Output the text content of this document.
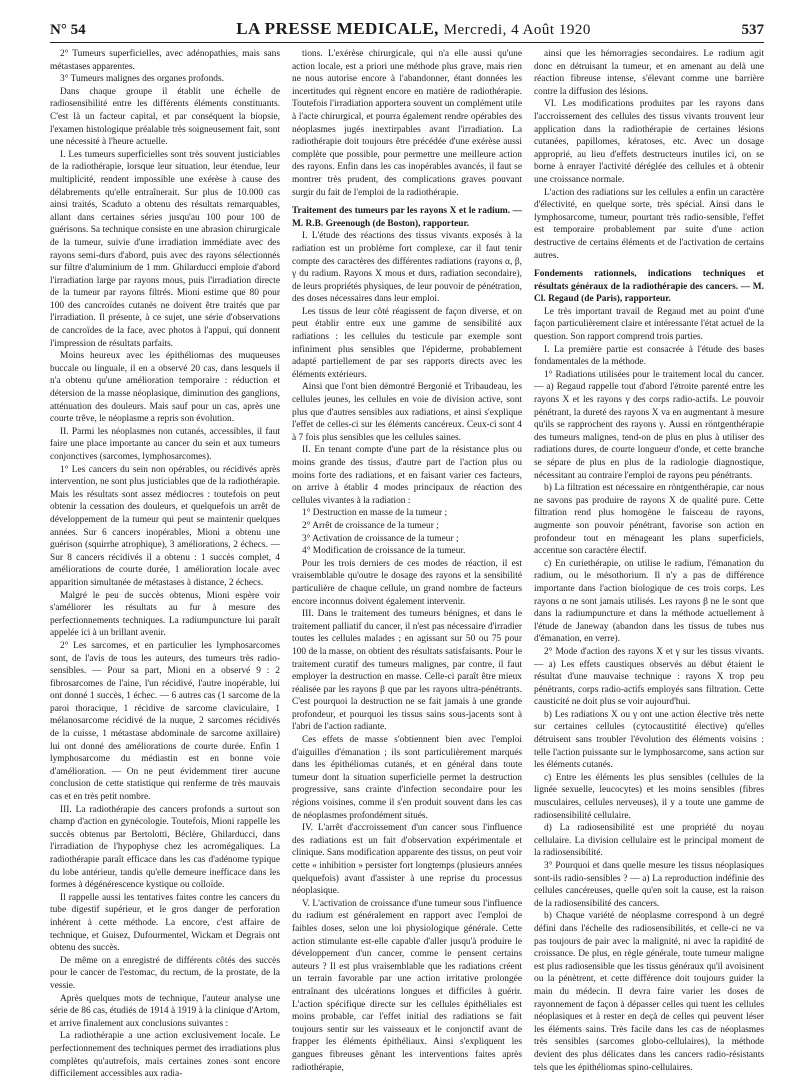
N° 54	LA PRESSE MEDICALE, Mercredi, 4 Août 1920	537

2° Tumeurs superficielles, avec adénopathies, mais sans métastases apparentes.

3° Tumeurs malignes des organes profonds.

Dans chaque groupe il établit une échelle de radiosensibilité entre les différents éléments constituants. C'est là un facteur capital, et par conséquent la biopsie, l'examen histologique préalable très soigneusement fait, sont une nécessité à l'heure actuelle.

I. Les tumeurs superficielles sont très souvent justiciables de la radiothérapie, lorsque leur situation, leur étendue, leur multiplicité, rendent impossible une exérèse à cause des délabrements qu'elle entraînerait. Sur plus de 10.000 cas ainsi traités, Scaduto a obtenu des résultats remarquables, allant dans certaines séries jusqu'au 100 pour 100 de guérisons. Sa technique consiste en une abrasion chirurgicale de la tumeur, suivie d'une irradiation immédiate avec des rayons semi-durs d'abord, puis avec des rayons sélectionnés sur filtre d'aluminium de 1 mm. Ghilarducci emploie d'abord l'irradiation large par rayons mous, puis l'irradiation directe de la tumeur par rayons filtrés. Mioni estime que 80 pour 100 des cancroïdes cutanés ne doivent être traités que par l'irradiation. Il présente, à ce sujet, une série d'observations de cancroïdes de la face, avec photos à l'appui, qui donnent l'impression de résultats parfaits.

Moins heureux avec les épithéliomas des muqueuses buccale ou linguale, il en a observé 20 cas, dans lesquels il n'a obtenu qu'une amélioration temporaire : réduction et détersion de la masse néoplasique, diminution des ganglions, atténuation des douleurs. Mais sauf pour un cas, après une courte trêve, le néoplasme a repris son évolution.

II. Parmi les néoplasmes non cutanés, accessibles, il faut faire une place importante au cancer du sein et aux tumeurs conjonctives (sarcomes, lymphosarcomes).

1° Les cancers du sein non opérables, ou récidivés après intervention, ne sont plus justiciables que de la radiothérapie. Mais les résultats sont assez médiocres : toutefois on peut obtenir la cessation des douleurs, et quelquefois un arrêt de développement de la tumeur qui peut se maintenir quelques années. Sur 6 cancers inopérables, Mioni a obtenu une guérison (squirrhe atrophique), 3 améliorations, 2 échecs. — Sur 8 cancers récidivés il a obtenu : 1 succès complet, 4 améliorations de courte durée, 1 amélioration locale avec apparition simultanée de métastases à distance, 2 échecs.

Malgré le peu de succès obtenus, Mioni espère voir s'améliorer les résultats au fur à mesure des perfectionnements techniques. La radiumpuncture lui paraît appelée ici à un brillant avenir.

2° Les sarcomes, et en particulier les lymphosarcomes sont, de l'avis de tous les auteurs, des tumeurs très radio-sensibles. — Pour sa part, Mioni en a observé 9 : 2 fibrosarcomes de l'aine, l'un récidivé, l'autre inopérable, lui ont donné 1 succès, 1 échec. — 6 autres cas (1 sarcome de la paroi thoracique, 1 récidive de sarcome claviculaire, 1 mélanosarcome récidivé de la nuque, 2 sarcomes récidivés de la cuisse, 1 métastase abdominale de sarcome axillaire) lui ont donné des améliorations de courte durée. Enfin 1 lymphosarcome du médiastin est en bonne voie d'amélioration. — On ne peut évidemment tirer aucune conclusion de cette statistique qui renferme de très mauvais cas et en très petit nombre.

III. La radiothérapie des cancers profonds a surtout son champ d'action en gynécologie. Toutefois, Mioni rappelle les succès obtenus par Bertolotti, Béclère, Ghilarducci, dans l'irradiation de l'hypophyse chez les acromégaliques. La radiothérapie paraît efficace dans les cas d'adénome typique du lobe antérieur, tandis qu'elle demeure inefficace dans les formes à dégénérescence kystique ou colloïde.

Il rappelle aussi les tentatives faites contre les cancers du tube digestif supérieur, et le gros danger de perforation inhérent à cette méthode. La encore, c'est affaire de technique, et Guisez, Dufourmentel, Wickam et Degrais ont obtenu des succès.

De même on a enregistré de différents côtés des succès pour le cancer de l'estomac, du rectum, de la prostate, de la vessie.

Après quelques mots de technique, l'auteur analyse une série de 86 cas, étudiés de 1914 à 1919 à la clinique d'Artom, et arrive finalement aux conclusions suivantes :

La radiothérapie a une action exclusivement locale. Le perfectionnement des techniques permet des irradiations plus complètes qu'autrefois, mais certaines zones sont encore difficilement accessibles aux radia-

tions. L'exérèse chirurgicale, qui n'a elle aussi qu'une action locale, est a priori une méthode plus grave, mais rien ne nous autorise encore à l'abandonner, étant données les incertitudes qui règnent encore en matière de radiothérapie. Toutefois l'irradiation apportera souvent un complément utile à l'acte chirurgical, et pourra également rendre opérables des néoplasmes jugés inextirpables avant l'irradiation. La radiothérapie doit toujours être précédée d'une exérèse aussi complète que possible, pour permettre une meilleure action des rayons. Enfin dans les cas inopérables avancés, il faut se montrer très prudent, des complications graves pouvant surgir du fait de l'emploi de la radiothérapie.

Traitement des tumeurs par les rayons X et le radium. — M. R.B. Greenough (de Boston), rapporteur.

I. L'étude des réactions des tissus vivants exposés à la radiation est un problème fort complexe, car il faut tenir compte des caractères des différentes radiations (rayons α, β, γ du radium. Rayons X mous et durs, radiation secondaire), de leurs propriétés physiques, de leur pouvoir de pénétration, des doses nécessaires dans leur emploi.

Les tissus de leur côté réagissent de façon diverse, et on peut établir entre eux une gamme de sensibilité aux radiations : les cellules du testicule par exemple sont infiniment plus sensibles que l'épiderme, probablement adapté partiellement de par ses rapports directs avec les éléments extérieurs.

Ainsi que l'ont bien démontré Bergonié et Tribaudeau, les cellules jeunes, les cellules en voie de division active, sont plus que d'autres sensibles aux radiations, et ainsi s'explique l'effet de celles-ci sur les éléments cancéreux. Ceux-ci sont 4 à 7 fois plus sensibles que les cellules saines.

II. En tenant compte d'une part de la résistance plus ou moins grande des tissus, d'autre part de l'action plus ou moins forte des radiations, et en faisant varier ces facteurs, on arrive à établir 4 modes principaux de réaction des cellules vivantes à la radiation :

1° Destruction en masse de la tumeur ;

2° Arrêt de croissance de la tumeur ;

3° Activation de croissance de la tumeur ;

4° Modification de croissance de la tumeur.

Pour les trois derniers de ces modes de réaction, il est vraisemblable qu'outre le dosage des rayons et la sensibilité particulière de chaque cellule, un grand nombre de facteurs encore inconnus doivent également intervenir.

III. Dans le traitement des tumeurs bénignes, et dans le traitement palliatif du cancer, il n'est pas nécessaire d'irradier toutes les cellules malades ; en agissant sur 50 ou 75 pour 100 de la masse, on obtient des résultats satisfaisants. Pour le traitement curatif des tumeurs malignes, par contre, il faut employer la destruction en masse. Celle-ci paraît être mieux réalisée par les rayons β que par les rayons ultra-pénétrants. C'est pourquoi la destruction ne se fait jamais à une grande profondeur, et pourquoi les tissus sains sous-jacents sont à l'abri de l'action radiante.

Ces effets de masse s'obtiennent bien avec l'emploi d'aiguilles d'émanation ; ils sont particulièrement marqués dans les épithéliomas cutanés, et en général dans toute tumeur dont la situation superficielle permet la destruction progressive, sans crainte d'infection secondaire pour les régions voisines, comme il s'en produit souvent dans les cas de néoplasmes profondément situés.

IV. L'arrêt d'accroissement d'un cancer sous l'influence des radiations est un fait d'observation expérimentale et clinique. Sans modification apparente des tissus, on peut voir cette « inhibition » persister fort longtemps (plusieurs années quelquefois) avant d'assister à une reprise du processus néoplasique.

V. L'activation de croissance d'une tumeur sous l'influence du radium est généralement en rapport avec l'emploi de faibles doses, selon une loi physiologique générale. Cette action stimulante est-elle capable d'aller jusqu'à produire le développement d'un cancer, comme le pensent certains auteurs ? Il est plus vraisemblable que les radiations créent un terrain favorable par une action irritative prolongée entraînant des ulcérations longues et difficiles à guérir. L'action spécifique directe sur les cellules épithéliales est moins probable, car l'effet initial des radiations se fait toujours sentir sur les vaisseaux et le conjonctif avant de frapper les éléments épithéliaux. Ainsi s'expliquent les gangues fibreuses gênant les interventions faites après radiothérapie,

ainsi que les hémorragies secondaires. Le radium agit donc en détruisant la tumeur, et en amenant au delà une réaction fibreuse intense, s'élevant comme une barrière contre la diffusion des lésions.

VI. Les modifications produites par les rayons dans l'accroissement des cellules des tissus vivants trouvent leur application dans la radiothérapie de certaines lésions cutanées, papillomes, kératoses, etc. Avec un dosage approprié, au lieu d'effets destructeurs inutiles ici, on se borne à enrayer l'activité déréglée des cellules et à obtenir une croissance normale.

L'action des radiations sur les cellules a enfin un caractère d'électivité, en quelque sorte, très spécial. Ainsi dans le lymphosarcome, tumeur, pourtant très radio-sensible, l'effet est temporaire probablement par suite d'une action destructive de certains éléments et de l'activation de certains autres.

Fondements rationnels, indications techniques et résultats généraux de la radiothérapie des cancers. — M. Cl. Regaud (de Paris), rapporteur.

Le très important travail de Regaud met au point d'une façon particulièrement claire et intéressante l'état actuel de la question. Son rapport comprend trois parties.

I. La première partie est consacrée à l'étude des bases fondamentales de la méthode.

1° Radiations utilisées pour le traitement local du cancer. — a) Regaud rappelle tout d'abord l'étroite parenté entre les rayons X et les rayons γ des corps radio-actifs. Le pouvoir pénétrant, la dureté des rayons X va en augmentant à mesure qu'ils se rapprochent des rayons γ. Aussi en röntgenthérapie des tumeurs malignes, tend-on de plus en plus à utiliser des radiations dures, de courte longueur d'onde, et cette branche se sépare de plus en plus de la radiologie diagnostique, nécessitant au contraire l'emploi de rayons peu pénétrants.

b) La filtration est nécessaire en röntgenthérapie, car nous ne savons pas produire de rayons X de qualité pure. Cette filtration rend plus homogène le faisceau de rayons, augmente son pouvoir pénétrant, favorise son action en profondeur tout en ménageant les plans superficiels, accentue son caractère électif.

c) En curiethérapie, on utilise le radium, l'émanation du radium, ou le mésothorium. Il n'y a pas de différence importante dans l'action biologique de ces trois corps. Les rayons α ne sont jamais utilisés. Les rayons β ne le sont que dans la radiumpuncture et dans la méthode actuellement à l'étude de Janeway (abandon dans les tissus de tubes nus d'émanation, en verre).

2° Mode d'action des rayons X et γ sur les tissus vivants. — a) Les effets caustiques observés au début étaient le résultat d'une mauvaise technique : rayons X trop peu pénétrants, corps radio-actifs employés sans filtration. Cette causticité ne doit plus se voir aujourd'hui.

b) Les radiations X ou γ ont une action élective très nette sur certaines cellules (cytocaustitité élective) qu'elles détruisent sans troubler l'évolution des éléments voisins : telle l'action puissante sur le lymphosarcome, sans action sur les éléments cutanés.

c) Entre les éléments les plus sensibles (cellules de la lignée sexuelle, leucocytes) et les moins sensibles (fibres musculaires, cellules nerveuses), il y a toute une gamme de radiosensibilité cellulaire.

d) La radiosensibilité est une propriété du noyau cellulaire. La division cellulaire est le principal moment de la radiosensibilité.

3° Pourquoi et dans quelle mesure les tissus néoplasiques sont-ils radio-sensibles ? — a) La reproduction indéfinie des cellules cancéreuses, quelle qu'en soit la cause, est la raison de la radiosensibilité des cancers.

b) Chaque variété de néoplasme correspond à un degré défini dans l'échelle des radiosensibilités, et celle-ci ne va pas toujours de pair avec la malignité, ni avec la rapidité de croissance. De plus, en règle générale, toute tumeur maligne est plus radiosensible que les tissus généraux qu'il avoisinent ou la pénètrent, et cette différence doit toujours guider la main du médecin. Il devra faire varier les doses de rayonnement de façon à dépasser celles qui tuent les cellules néoplasiques et à rester en deçà de celles qui peuvent léser les éléments sains. Très facile dans les cas de néoplasmes très sensibles (sarcomes globo-cellulaires), la méthode devient des plus délicates dans les cancers radio-résistants tels que les épithéliomas spino-cellulaires.
